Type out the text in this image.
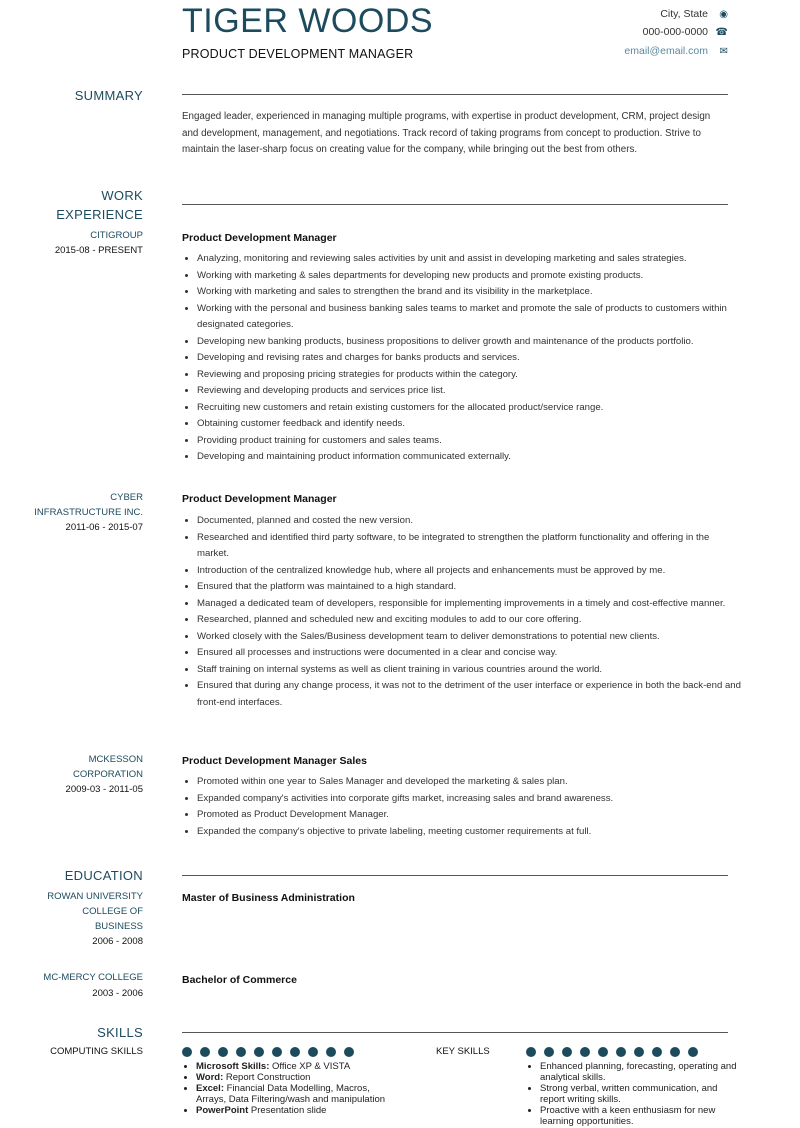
TIGER WOODS
PRODUCT DEVELOPMENT MANAGER
City, State ◉
000-000-0000 ☎
email@email.com ✉
SUMMARY
Engaged leader, experienced in managing multiple programs, with expertise in product development, CRM, project design and development, management, and negotiations. Track record of taking programs from concept to production. Strive to maintain the laser-sharp focus on creating value for the company, while bringing out the best from others.
WORK
EXPERIENCE
CITIGROUP
2015-08 - PRESENT
Product Development Manager
• Analyzing, monitoring and reviewing sales activities by unit and assist in developing marketing and sales strategies.
• Working with marketing & sales departments for developing new products and promote existing products.
• Working with marketing and sales to strengthen the brand and its visibility in the marketplace.
• Working with the personal and business banking sales teams to market and promote the sale of products to customers within designated categories.
• Developing new banking products, business propositions to deliver growth and maintenance of the products portfolio.
• Developing and revising rates and charges for banks products and services.
• Reviewing and proposing pricing strategies for products within the category.
• Reviewing and developing products and services price list.
• Recruiting new customers and retain existing customers for the allocated product/service range.
• Obtaining customer feedback and identify needs.
• Providing product training for customers and sales teams.
• Developing and maintaining product information communicated externally.
CYBER
INFRASTRUCTURE INC.
2011-06 - 2015-07
Product Development Manager
• Documented, planned and costed the new version.
• Researched and identified third party software, to be integrated to strengthen the platform functionality and offering in the market.
• Introduction of the centralized knowledge hub, where all projects and enhancements must be approved by me.
• Ensured that the platform was maintained to a high standard.
• Managed a dedicated team of developers, responsible for implementing improvements in a timely and cost-effective manner.
• Researched, planned and scheduled new and exciting modules to add to our core offering.
• Worked closely with the Sales/Business development team to deliver demonstrations to potential new clients.
• Ensured all processes and instructions were documented in a clear and concise way.
• Staff training on internal systems as well as client training in various countries around the world.
• Ensured that during any change process, it was not to the detriment of the user interface or experience in both the back-end and front-end interfaces.
MCKESSON
CORPORATION
2009-03 - 2011-05
Product Development Manager Sales
• Promoted within one year to Sales Manager and developed the marketing & sales plan.
• Expanded company's activities into corporate gifts market, increasing sales and brand awareness.
• Promoted as Product Development Manager.
• Expanded the company's objective to private labeling, meeting customer requirements at full.
EDUCATION
ROWAN UNIVERSITY
COLLEGE OF
BUSINESS
2006 - 2008
Master of Business Administration
MC-MERCY COLLEGE
2003 - 2006
Bachelor of Commerce
SKILLS
COMPUTING SKILLS
• Microsoft Skills: Office XP & VISTA
• Word: Report Construction
• Excel: Financial Data Modelling, Macros, Arrays, Data Filtering/wash and manipulation
• PowerPoint Presentation slide
KEY SKILLS
• Enhanced planning, forecasting, operating and analytical skills.
• Strong verbal, written communication, and report writing skills.
• Proactive with a keen enthusiasm for new learning opportunities.
